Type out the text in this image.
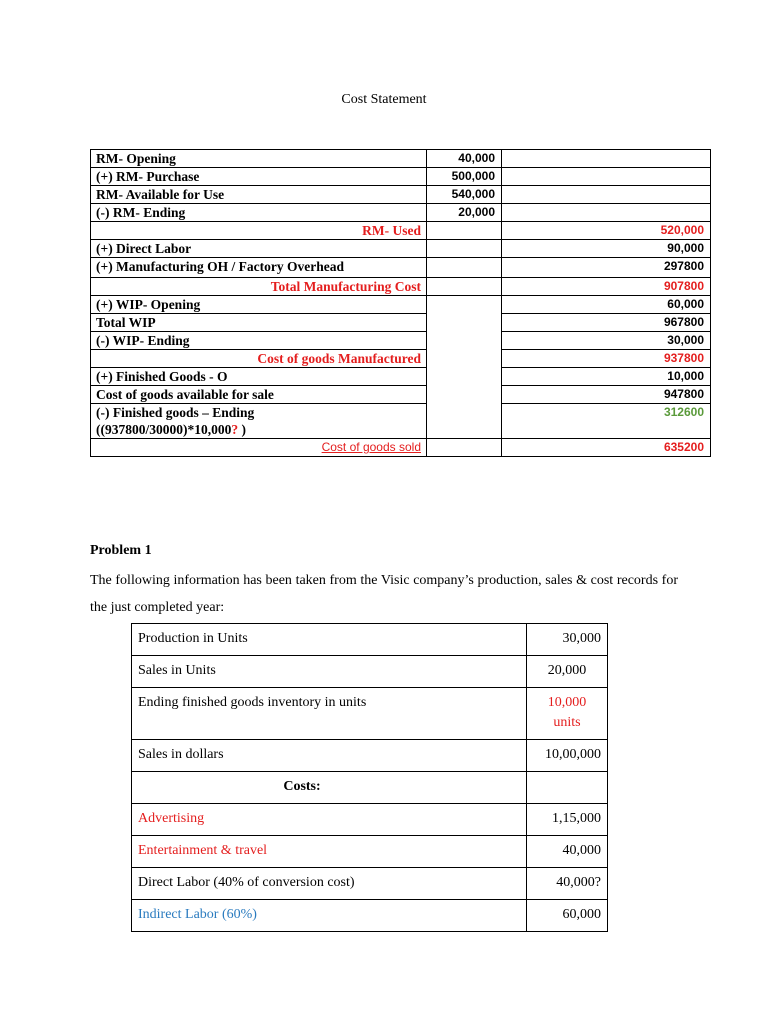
Cost Statement
RM- Opening	40,000	
(+) RM- Purchase	500,000	
RM- Available for Use	540,000	
(-) RM- Ending	20,000	
RM- Used		520,000
(+) Direct Labor		90,000
(+) Manufacturing OH / Factory Overhead		297800
Total Manufacturing Cost		907800
(+) WIP- Opening		60,000
Total WIP		967800
(-) WIP- Ending		30,000
Cost of goods Manufactured		937800
(+) Finished Goods - O		10,000
Cost of goods available for sale		947800

(-) Finished goods – Ending
((937800/30000)*10,000? )		312600
Cost of goods sold		635200
Problem 1
The following information has been taken from the Visic company’s production, sales & cost records for the just completed year:
Production in Units	30,000
Sales in Units	20,000
Ending finished goods inventory in units	10,000 units
Sales in dollars	10,00,000
Costs:	
Advertising	1,15,000
Entertainment & travel	40,000
Direct Labor (40% of conversion cost)	40,000?
Indirect Labor (60%)	60,000
